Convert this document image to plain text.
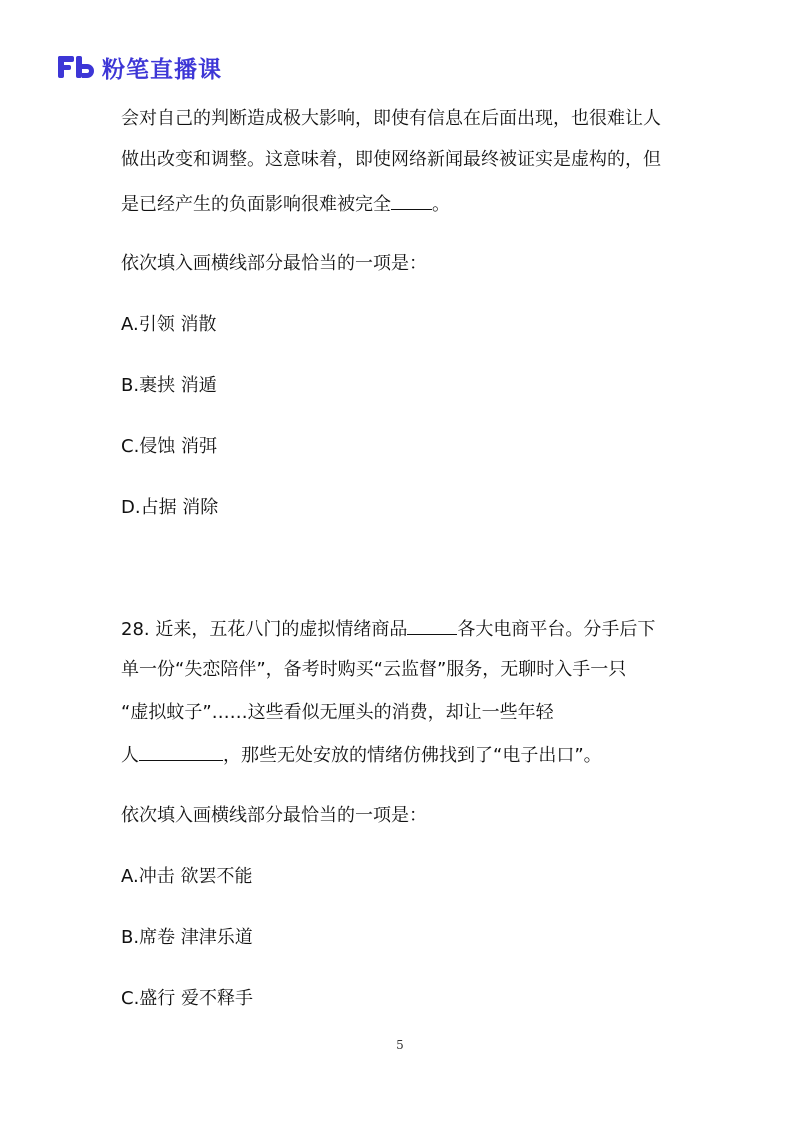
粉笔直播课
会对自己的判断造成极大影响，即使有信息在后面出现，也很难让人
做出改变和调整。这意味着，即使网络新闻最终被证实是虚构的，但
是已经产生的负面影响很难被完全 。
依次填入画横线部分最恰当的一项是：
A.引领 消散
B.裹挟 消遁
C.侵蚀 消弭
D.占据 消除
28. 近来，五花八门的虚拟情绪商品	各大电商平台。分手后下
单一份“失恋陪伴”，备考时购买“云监督”服务，无聊时入手一只
“虚拟蚊子”……这些看似无厘头的消费，却让一些年轻
人	，那些无处安放的情绪仿佛找到了“电子出口”。
依次填入画横线部分最恰当的一项是：
A.冲击 欲罢不能
B.席卷 津津乐道
C.盛行 爱不释手
5
